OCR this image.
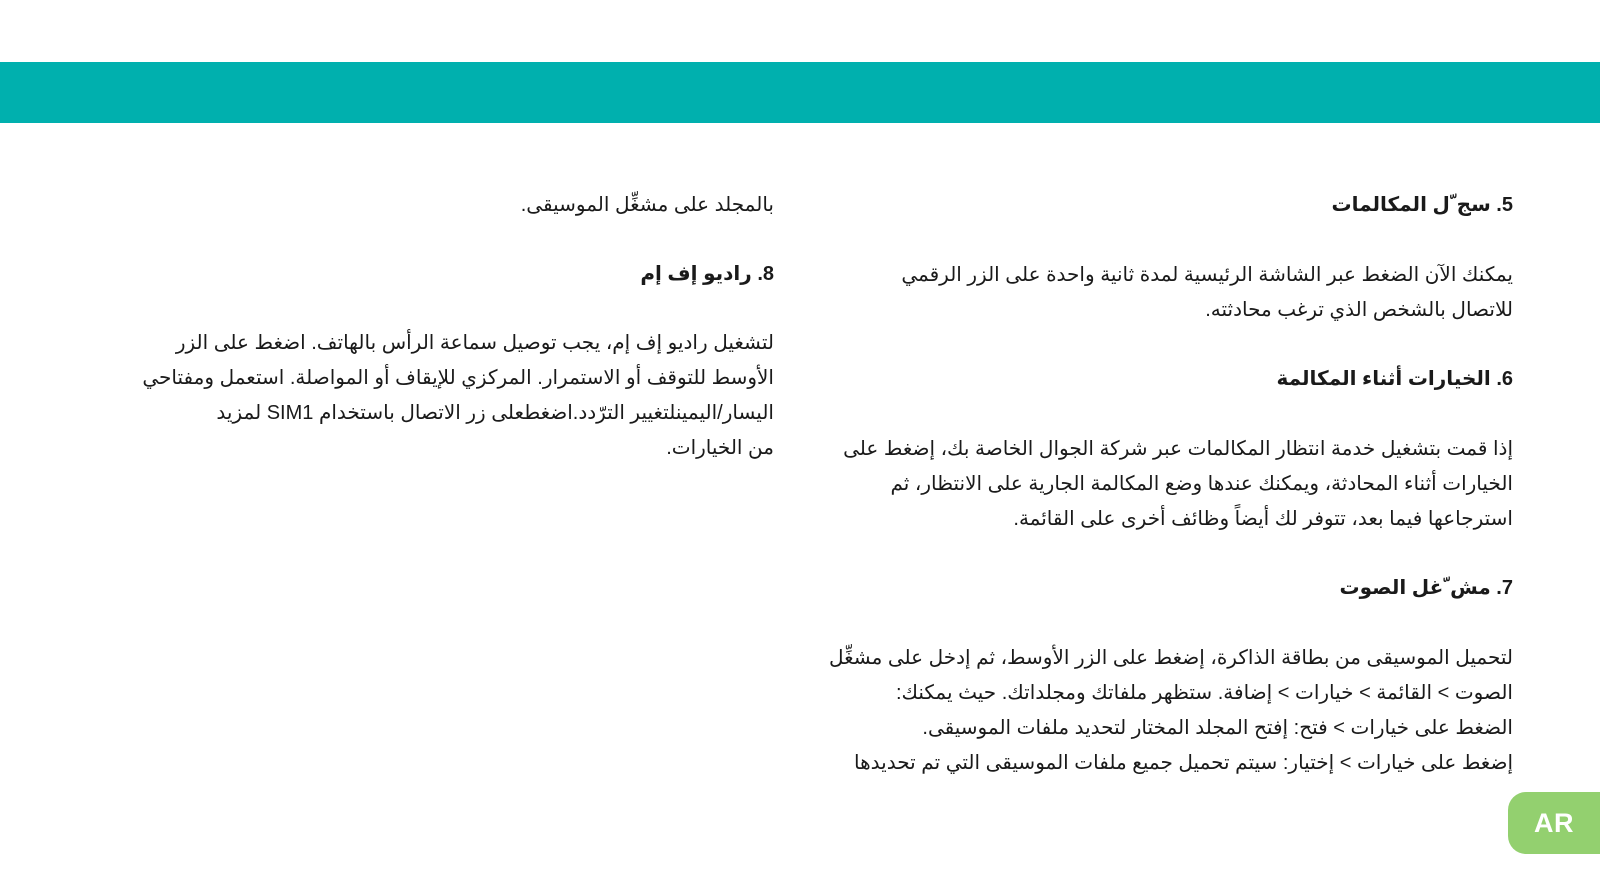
5. سج ّل المكالمات
يمكنك الآن الضغط عبر الشاشة الرئيسية لمدة ثانية واحدة على الزر الرقمي
للاتصال بالشخص الذي ترغب محادثته.
6. الخيارات أثناء المكالمة
إذا قمت بتشغيل خدمة انتظار المكالمات عبر شركة الجوال الخاصة بك، إضغط على
الخيارات أثناء المحادثة، ويمكنك عندها وضع المكالمة الجارية على الانتظار، ثم
استرجاعها فيما بعد، تتوفر لك أيضاً وظائف أخرى على القائمة.
7. مش ّغل الصوت
لتحميل الموسيقى من بطاقة الذاكرة، إضغط على الزر الأوسط، ثم إدخل على مشغِّل
الصوت > القائمة > خيارات > إضافة. ستظهر ملفاتك ومجلداتك. حيث يمكنك:
الضغط على خيارات > فتح: إفتح المجلد المختار لتحديد ملفات الموسيقى.
إضغط على خيارات > إختيار: سيتم تحميل جميع ملفات الموسيقى التي تم تحديدها
بالمجلد على مشغِّل الموسيقى.
8. راديو إف إم
لتشغيل راديو إف إم، يجب توصيل سماعة الرأس بالهاتف. اضغط على الزر
الأوسط للتوقف أو الاستمرار. المركزي للإيقاف أو المواصلة. استعمل ومفتاحي
اليسار/اليمينلتغيير الترّدد.اضغطعلى زر الاتصال باستخدام SIM1 لمزيد
من الخيارات.
AR
